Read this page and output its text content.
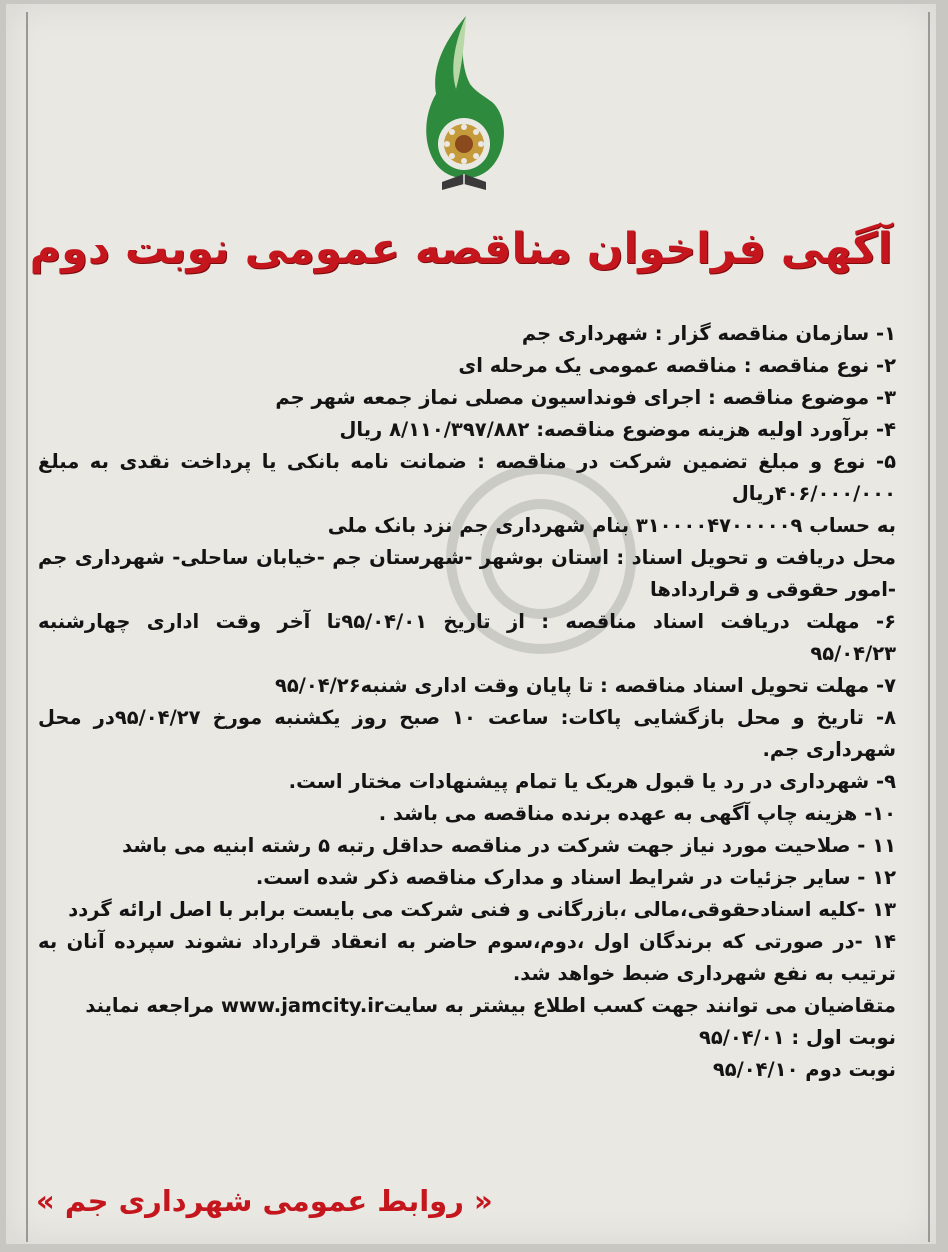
آگهی فراخوان مناقصه عمومی نوبت دوم
۱- سازمان مناقصه گزار : شهرداری جم
۲- نوع مناقصه : مناقصه عمومی یک مرحله ای
۳- موضوع مناقصه : اجرای فونداسیون مصلی نماز جمعه شهر جم
۴- برآورد اولیه هزینه موضوع مناقصه: ۸/۱۱۰/۳۹۷/۸۸۲ ریال
۵- نوع و مبلغ تضمین شرکت در مناقصه : ضمانت نامه بانکی یا پرداخت نقدی به مبلغ
۴۰۶/۰۰۰/۰۰۰ریال
به حساب ۳۱۰۰۰۰۴۷۰۰۰۰۰۹ بنام شهرداری جم نزد بانک ملی
محل دریافت و تحویل اسناد : استان بوشهر -شهرستان جم -خیابان ساحلی- شهرداری جم
-امور حقوقی و قراردادها
۶- مهلت دریافت اسناد مناقصه : از تاریخ ۹۵/۰۴/۰۱تا آخر وقت اداری چهارشنبه
۹۵/۰۴/۲۳
۷- مهلت تحویل اسناد مناقصه : تا پایان وقت اداری شنبه۹۵/۰۴/۲۶
۸- تاریخ و محل بازگشایی پاکات: ساعت ۱۰ صبح روز یکشنبه مورخ ۹۵/۰۴/۲۷در محل
شهرداری جم.
۹- شهرداری در رد یا قبول هریک یا تمام پیشنهادات مختار است.
۱۰- هزینه چاپ آگهی به عهده برنده مناقصه می باشد .
۱۱ - صلاحیت مورد نیاز جهت شرکت در مناقصه حداقل رتبه ۵ رشته ابنیه می باشد
۱۲ - سایر جزئیات در شرایط اسناد و مدارک مناقصه ذکر شده است.
۱۳ -کلیه اسنادحقوقی،مالی ،بازرگانی و فنی شرکت می بایست برابر با اصل ارائه گردد
۱۴ -در صورتی که برندگان اول ،دوم،سوم حاضر به انعقاد قرارداد نشوند سپرده آنان به
ترتیب به نفع شهرداری ضبط خواهد شد.
متقاضیان می توانند جهت کسب اطلاع بیشتر به سایتwww.jamcity.ir مراجعه نمایند
نوبت اول : ۹۵/۰۴/۰۱
نوبت دوم ۹۵/۰۴/۱۰
« روابط عمومی شهرداری جم »
